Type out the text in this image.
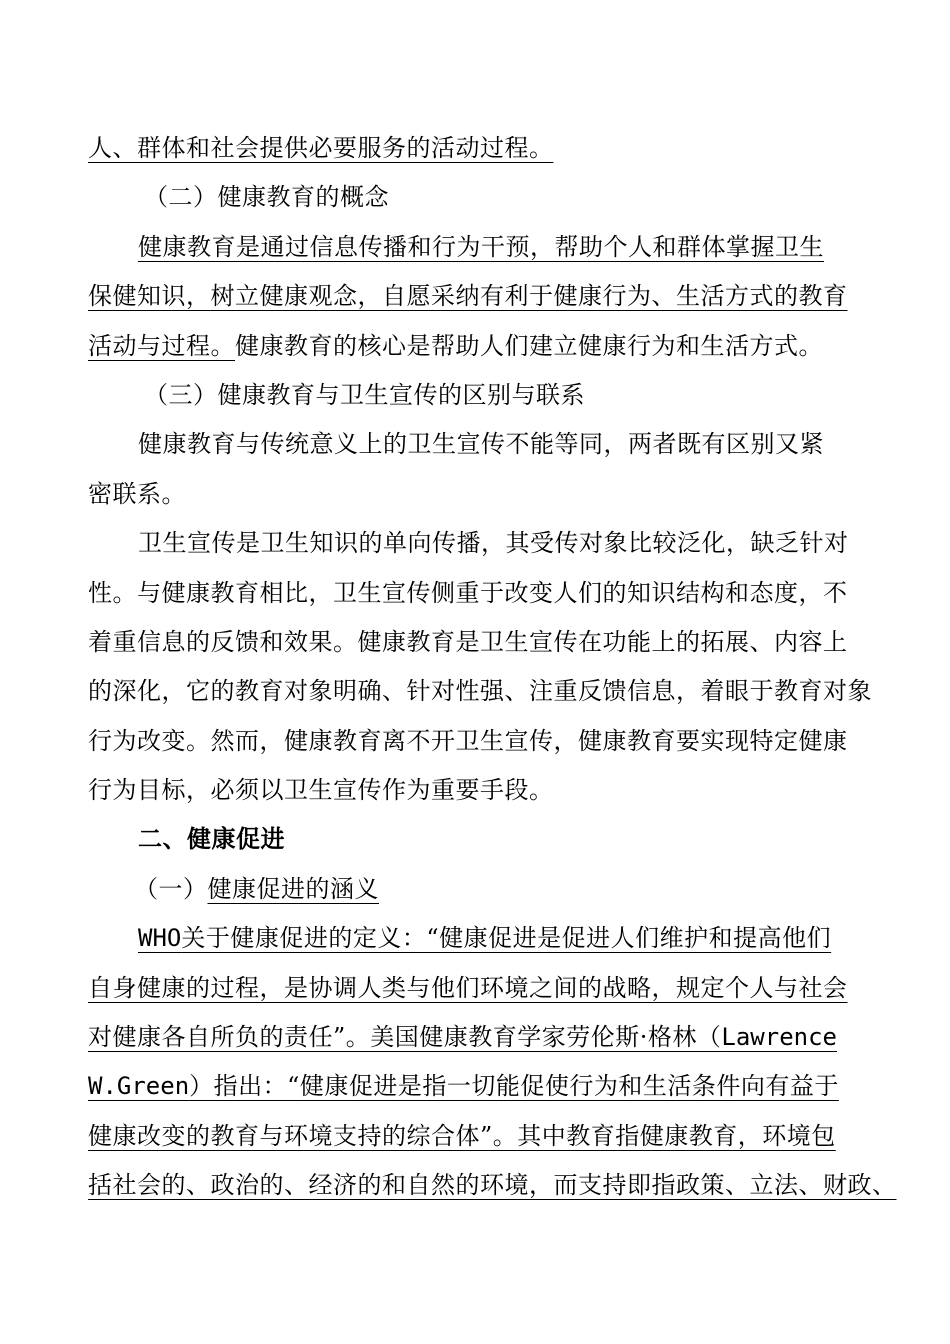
人、群体和社会提供必要服务的活动过程。
（二）健康教育的概念
健康教育是通过信息传播和行为干预，帮助个人和群体掌握卫生
保健知识，树立健康观念，自愿采纳有利于健康行为、生活方式的教育
活动与过程。健康教育的核心是帮助人们建立健康行为和生活方式。
（三）健康教育与卫生宣传的区别与联系
健康教育与传统意义上的卫生宣传不能等同，两者既有区别又紧
密联系。
卫生宣传是卫生知识的单向传播，其受传对象比较泛化，缺乏针对
性。与健康教育相比，卫生宣传侧重于改变人们的知识结构和态度，不
着重信息的反馈和效果。健康教育是卫生宣传在功能上的拓展、内容上
的深化，它的教育对象明确、针对性强、注重反馈信息，着眼于教育对象
行为改变。然而，健康教育离不开卫生宣传，健康教育要实现特定健康
行为目标，必须以卫生宣传作为重要手段。
二、健康促进
（一）健康促进的涵义
WHO关于健康促进的定义：“健康促进是促进人们维护和提高他们
自身健康的过程，是协调人类与他们环境之间的战略，规定个人与社会
对健康各自所负的责任”。美国健康教育学家劳伦斯·格林（Lawrence
W.Green）指出：“健康促进是指一切能促使行为和生活条件向有益于
健康改变的教育与环境支持的综合体”。其中教育指健康教育，环境包
括社会的、政治的、经济的和自然的环境，而支持即指政策、立法、财政、
